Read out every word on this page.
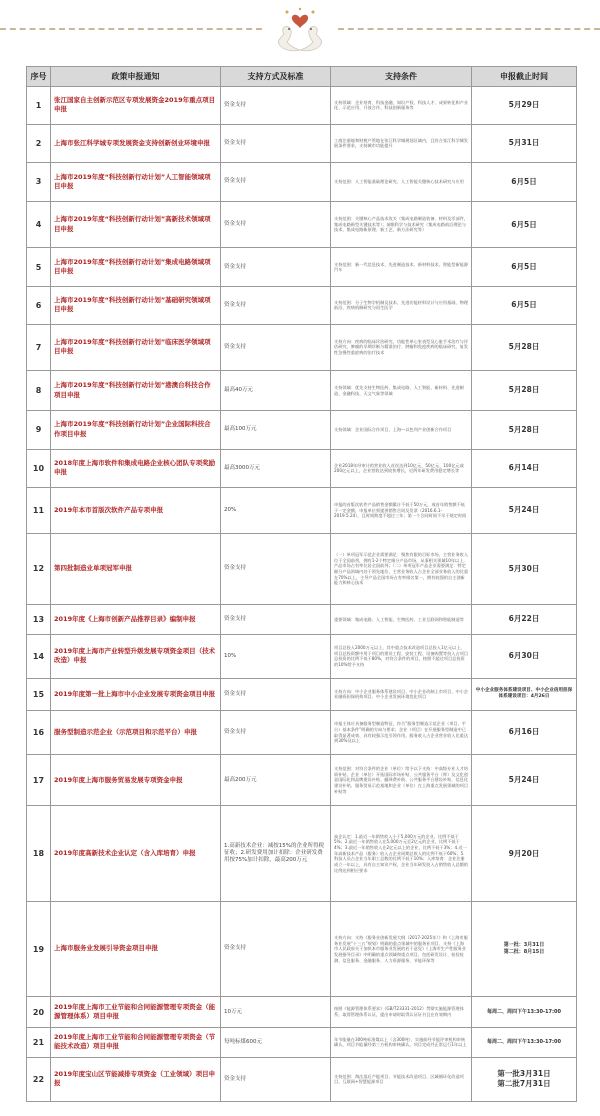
序号	政策申报通知	支持方式及标准	支持条件	申报截止时间
1	张江国家自主创新示范区专项发展资金2019年重点项目申报	资金支持	支持领域：企业培育、科技金融、知识产权、科技人才、成果转化和产业化、示范应用、开放合作、科技创新服务等	5月29日

2	上海市张江科学城专项发展资金支持创新创业环境申报	资金支持	工商注册地和财税户管地在张江科学城规划区域内，且符合张江科学城发展条件要求，支持城市功能提升	5月31日

3	上海市2019年度“科技创新行动计划”人工智能领域项目申报	资金支持	支持范围：人工智能基础理论研究、人工智能关键核心技术研究与应用	6月5日

4	上海市2019年度“科技创新行动计划”高新技术领域项目申报	资金支持	支持范围：关键核心产品技术攻关（集成电路制造装备、材料及零部件，集成电路新型关键技术等）；前瞻科学与技术研究（集成电路前沿理论与技术、集成电路新原理、新工艺、新方法研究等）	6月5日

5	上海市2019年度“科技创新行动计划”集成电路领域项目申报	资金支持	支持范围：新一代信息技术、先进制造技术、新材料技术、智能型新能源汽车	6月5日

6	上海市2019年度“科技创新行动计划”基础研究领域项目申报	资金支持	支持范围：分子生物学机制及技术、先进功能材料设计与应用基础、物理前沿、疾病机制研究与再生医学	6月5日

7	上海市2019年度“科技创新行动计划”临床医学领域项目申报	资金支持	支持方向：疾病的临床诊治研究、功能性单心室表型及心脏手术治疗与评估研究、肿瘤的早期诊断与精准治疗、肿瘤和免疫疾病的临床研究、复发性急慢性重症病的治疗技术	5月28日

8	上海市2019年度“科技创新行动计划”港澳台科技合作项目申报	最高40万元	支持领域：优先支持生物医药、集成电路、人工智能、新材料、先进制造、金融科技、天文气象等领域	5月28日

9	上海市2019年度“科技创新行动计划”企业国际科技合作项目申报	最高100万元	支持领域：企业国际合作项目，上海—以色列产业创新合作项目	5月28日

10	2018年度上海市软件和集成电路企业核心团队专项奖励申报	最高3000万元	企业2018年经审计的营业收入首次达到10亿元、50亿元、100亿元或200亿元以上，企业营收达到较快增长，近两年研发费用稳定增长等	6月14日

11	2019年本市首版次软件产品专项申报	20%	申报的首版次软件产品销售金额累计不低于50万元，或首年销售额不低于一定金额，申报单位须提供销售合同及发票（2016.6.1-2019.5.24），且时间跨度不超过三年；第一个合同时间不早于规定时间	5月24日

12	第四批制造业单项冠军申报	资金支持	（一）单项冠军示范企业需要满足：聚焦有限的目标市场，主营业务收入位于全国前列，拥有1-2个特定细分产品市场，从事相关领域10年以上，产品市场占有率位居全国前列；（二）单项冠军产品企业需要满足：特定细分产品领域内处于领先地位，主营业务收入占企业全部业务收入的比重在70%以上，主导产品全国市场占有率排名第一，拥有较强的自主创新能力和核心技术	5月30日

13	2019年度《上海市创新产品推荐目录》编制申报	资金支持	重要领域：集成电路、人工智能、生物医药、工业互联网和智能制造等	6月22日

14	2019年度上海市产业转型升级发展专项资金项目（技术改造）申报	10%	项目总投入2000万元以上，其中重点技术改造项目总投入1亿元以上，项目总投资额中用于项目的建设工程、安装工程、设备购置等投入占项目总投资的比例不低于80%，对符合条件的项目，按照不超过项目总投资的10%给予支持	6月30日

15	2019年度第一批上海市中小企业发展专项资金项目申报	资金支持	支持方向：中小企业服务体系建设项目、中小企业改制上市项目、中小企业融资担保机构项目、中小企业发展环境优化项目	中小企业服务体系建设项目、中小企业信用担保体系建设项目：4月26日

16	服务型制造示范企业（示范项目和示范平台）申报	资金支持	申报主体应具备服务型制造特征，符合“服务型制造示范企业（项目、平台）基本条件”明确的方向与要求；企业（项目）在开展服务型制造中已取得显著成效、具有较强示范引领作用，服务收入占企业营业收入比重达到30%及以上	6月16日

17	2019年度上海市服务贸易发展专项资金申报	最高200万元	支持范围：对符合条件的企业（单位）给予以下支持：中高级专业人才培训补贴、企业（单位）开拓国际市场补贴、公共服务平台（库）及文化创意国际化和品牌建设补贴、翻译费补助、公共服务平台建设补贴、信息化建设补贴、服务贸易示范基地和企业（单位）在上海重点发展领域的项目补贴等	5月24日

18	2019年度高新技术企业认定（含入库培育）申报	1.高新技术企业：减按15%的企业所得税征收；2.研发费用加计扣除：企业研发费用按75%加计扣除，最高200万元	高企认定：1.最近一年销售收入小于5,000万元的企业，比例不低于5%；2.最近一年销售收入在5,000万元至2亿元的企业，比例不低于4%；3.最近一年销售收入在2亿元以上的企业，比例不低于3%；4.近一年高新技术产品（服务）收入占企业同期总收入的比例不低于60%；5.科技人员占企业当年职工总数的比例不低于10%；入库培育：企业注册成立一年以上，具有自主知识产权，企业当年研发投入占销售收入总额的比例达到相应要求	9月20日

19	上海市服务业发展引导资金项目申报	资金支持	支持方向：支持《服务业创新发展大纲（2017-2025年）》和《上海市服务业发展“十三五”规划》明确的重点领域中的服务业项目、支持《上海市人民政府关于加快本市服务业发展的若干意见》《上海市生产性服务业发展指导目录》中明确的重点领域和重点项目，包括研发设计、检验检测、信息服务、金融服务、人力资源服务、节能环保等	第一批：3月31日
第二批：8月15日

20	2019年度上海市工业节能和合同能源管理专项资金（能源管理体系）项目申报	10万元	按照《能源管理体系要求》（GB/T23331-2012）贯彻实施能源管理体系，取得管理体系认证，提出申请时取得认证证书且在有效期内	每周二、周四下午13:30-17:00

21	2019年度上海市工业节能和合同能源管理专项资金（节能技术改造）项目申报	每吨标煤600元	年节能量在300吨标准煤以上（含300吨），实施前经节能评审机构审核确认，项目节能量经第三方机构审核确认，项目完成并正常运行1年以上	每周二、周四下午13:30-17:00

22	2019年度宝山区节能减排专项资金（工业领域）项目申报	资金支持	支持范围：淘汰落后产能项目、节能技术改造项目、区域循环化改造项目、互联网+智慧能源项目	第一批3月31日
第二批7月31日
